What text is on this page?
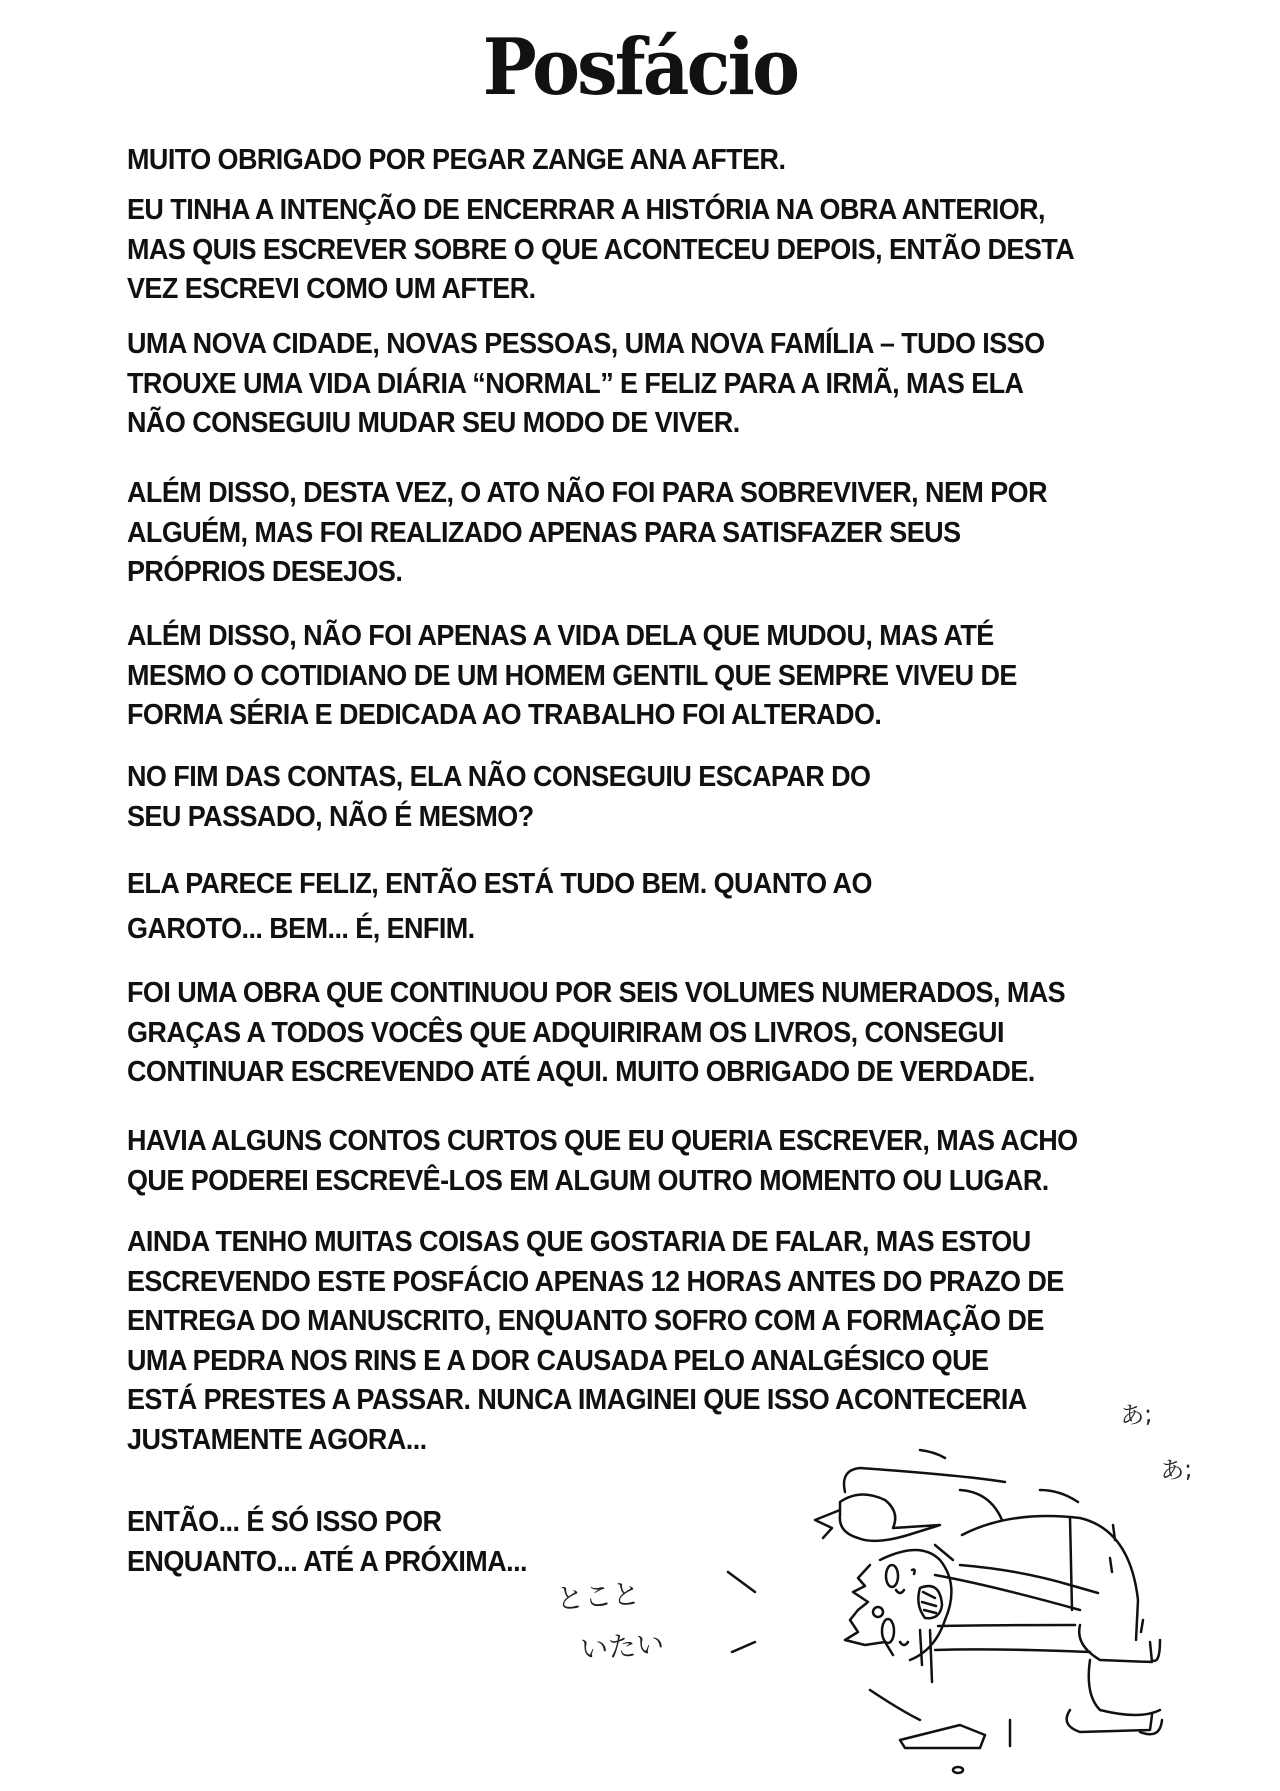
Posfácio
MUITO OBRIGADO POR PEGAR ZANGE ANA AFTER.
EU TINHA A INTENÇÃO DE ENCERRAR A HISTÓRIA NA OBRA ANTERIOR,
MAS QUIS ESCREVER SOBRE O QUE ACONTECEU DEPOIS, ENTÃO DESTA
VEZ ESCREVI COMO UM AFTER.
UMA NOVA CIDADE, NOVAS PESSOAS, UMA NOVA FAMÍLIA – TUDO ISSO
TROUXE UMA VIDA DIÁRIA “NORMAL” E FELIZ PARA A IRMÃ, MAS ELA
NÃO CONSEGUIU MUDAR SEU MODO DE VIVER.
ALÉM DISSO, DESTA VEZ, O ATO NÃO FOI PARA SOBREVIVER, NEM POR
ALGUÉM, MAS FOI REALIZADO APENAS PARA SATISFAZER SEUS
PRÓPRIOS DESEJOS.
ALÉM DISSO, NÃO FOI APENAS A VIDA DELA QUE MUDOU, MAS ATÉ
MESMO O COTIDIANO DE UM HOMEM GENTIL QUE SEMPRE VIVEU DE
FORMA SÉRIA E DEDICADA AO TRABALHO FOI ALTERADO.
NO FIM DAS CONTAS, ELA NÃO CONSEGUIU ESCAPAR DO
SEU PASSADO, NÃO É MESMO?
ELA PARECE FELIZ, ENTÃO ESTÁ TUDO BEM. QUANTO AO
GAROTO... BEM... É, ENFIM.
FOI UMA OBRA QUE CONTINUOU POR SEIS VOLUMES NUMERADOS, MAS
GRAÇAS A TODOS VOCÊS QUE ADQUIRIRAM OS LIVROS, CONSEGUI
CONTINUAR ESCREVENDO ATÉ AQUI. MUITO OBRIGADO DE VERDADE.
HAVIA ALGUNS CONTOS CURTOS QUE EU QUERIA ESCREVER, MAS ACHO
QUE PODEREI ESCREVÊ-LOS EM ALGUM OUTRO MOMENTO OU LUGAR.
AINDA TENHO MUITAS COISAS QUE GOSTARIA DE FALAR, MAS ESTOU
ESCREVENDO ESTE POSFÁCIO APENAS 12 HORAS ANTES DO PRAZO DE
ENTREGA DO MANUSCRITO, ENQUANTO SOFRO COM A FORMAÇÃO DE
UMA PEDRA NOS RINS E A DOR CAUSADA PELO ANALGÉSICO QUE
ESTÁ PRESTES A PASSAR. NUNCA IMAGINEI QUE ISSO ACONTECERIA
JUSTAMENTE AGORA...
ENTÃO... É SÓ ISSO POR
ENQUANTO... ATÉ A PRÓXIMA...
とこと
いたい
あ;
あ;
